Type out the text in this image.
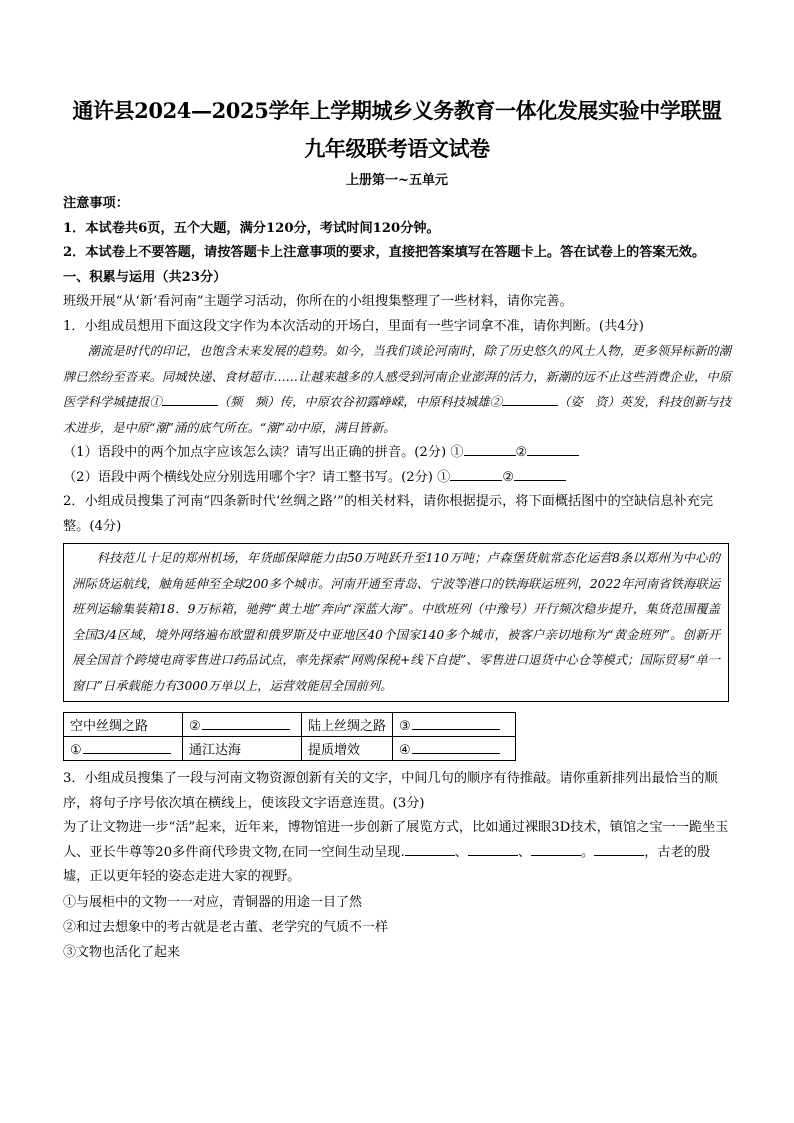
通许县2024—2025学年上学期城乡义务教育一体化发展实验中学联盟
九年级联考语文试卷
上册第一~五单元
注意事项：
1．本试卷共6页，五个大题，满分120分，考试时间120分钟。
2．本试卷上不要答题，请按答题卡上注意事项的要求，直接把答案填写在答题卡上。答在试卷上的答案无效。
一、积累与运用（共23分）
班级开展“从‘新’看河南”主题学习活动，你所在的小组搜集整理了一些材料，请你完善。
1．小组成员想用下面这段文字作为本次活动的开场白，里面有一些字词拿不准，请你判断。(共4分)
潮流是时代的印记，也饱含未来发展的趋势。如今，当我们谈论河南时，除了历史悠久的风土人物，更多领异标新的潮牌已然纷至沓来。同城快递、食材超市……让越来越多的人感受到河南企业澎湃的活力，新潮的远不止这些消费企业，中原医学科学城捷报①	（频　频）传，中原农谷初露峥嵘，中原科技城雄②	（姿　资）英发，科技创新与技术进步，是中原“潮”涌的底气所在。“潮”动中原，满目皆新。
（1）语段中的两个加点字应该怎么读？请写出正确的拼音。(2分) ①	②
（2）语段中两个横线处应分别选用哪个字？请工整书写。(2分) ①	②
2．小组成员搜集了河南“四条新时代‘丝绸之路’”的相关材料，请你根据提示，将下面概括图中的空缺信息补充完整。(4分)
科技范儿十足的郑州机场，年货邮保障能力由50万吨跃升至110万吨；卢森堡货航常态化运营8条以郑州为中心的洲际货运航线，触角延伸至全球200多个城市。河南开通至青岛、宁波等港口的铁海联运班列，2022年河南省铁海联运班列运输集装箱18．9万标箱，驰骋“黄土地”奔向“深蓝大海”。中欧班列（中豫号）开行频次稳步提升，集货范围覆盖全国3/4区域，境外网络遍布欧盟和俄罗斯及中亚地区40个国家140多个城市，被客户亲切地称为“黄金班列”。创新开展全国首个跨境电商零售进口药品试点，率先探索“网购保税+线下自提”、零售进口退货中心仓等模式；国际贸易“单一窗口”日承载能力有3000万单以上，运营效能居全国前列。
空中丝绸之路	②	陆上丝绸之路	③
①	通江达海	提质增效	④
3．小组成员搜集了一段与河南文物资源创新有关的文字，中间几句的顺序有待推敲。请你重新排列出最恰当的顺序，将句子序号依次填在横线上，使该段文字语意连贯。(3分)
为了让文物进一步“活”起来，近年来，博物馆进一步创新了展览方式，比如通过裸眼3D技术，镇馆之宝一一跪坐玉人、亚长牛尊等20多件商代珍贵文物,在同一空间生动呈现.	、	、	。	，古老的殷墟，正以更年轻的姿态走进大家的视野。
①与展柜中的文物一一对应，青铜器的用途一目了然
②和过去想象中的考古就是老古董、老学究的气质不一样
③文物也活化了起来
